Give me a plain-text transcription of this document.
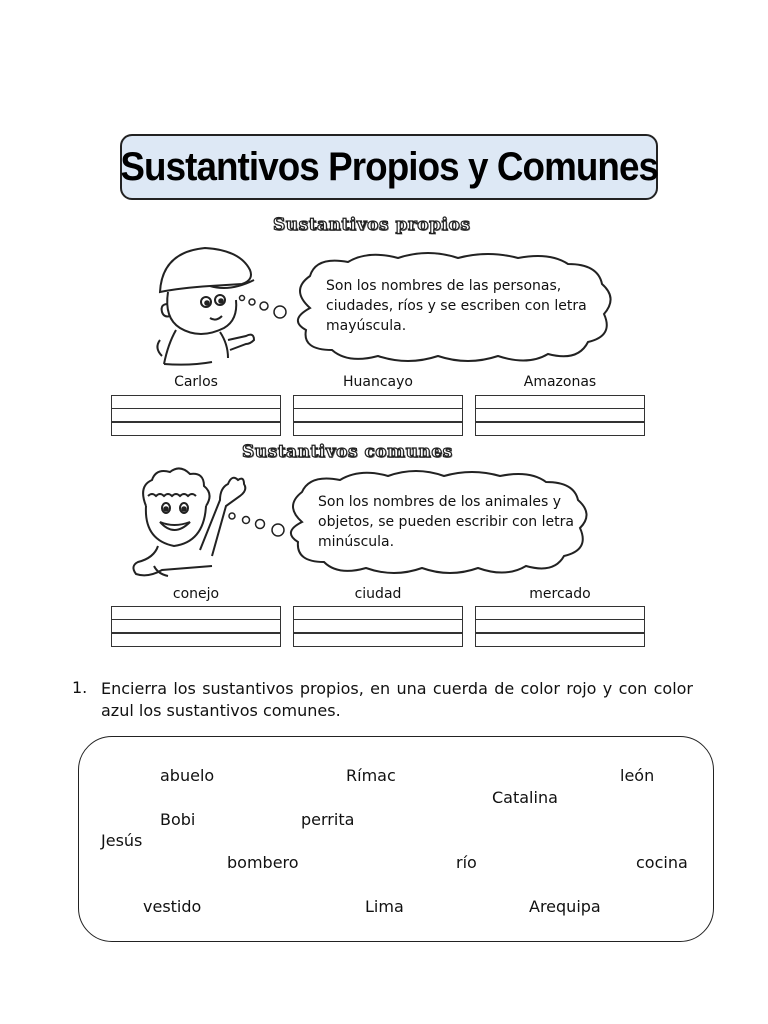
Sustantivos Propios y Comunes
Sustantivos propios
Son los nombres de las personas, ciudades, ríos y se escriben con letra mayúscula.
Carlos	Huancayo	Amazonas
Sustantivos comunes
Son los nombres de los animales y objetos, se pueden escribir con letra minúscula.
conejo	ciudad	mercado
1. Encierra los sustantivos propios, en una cuerda de color rojo y con color azul los sustantivos comunes.
abuelo	Rímac	león
Catalina
Bobi	perrita
Jesús
bombero	río	cocina
vestido	Lima	Arequipa
